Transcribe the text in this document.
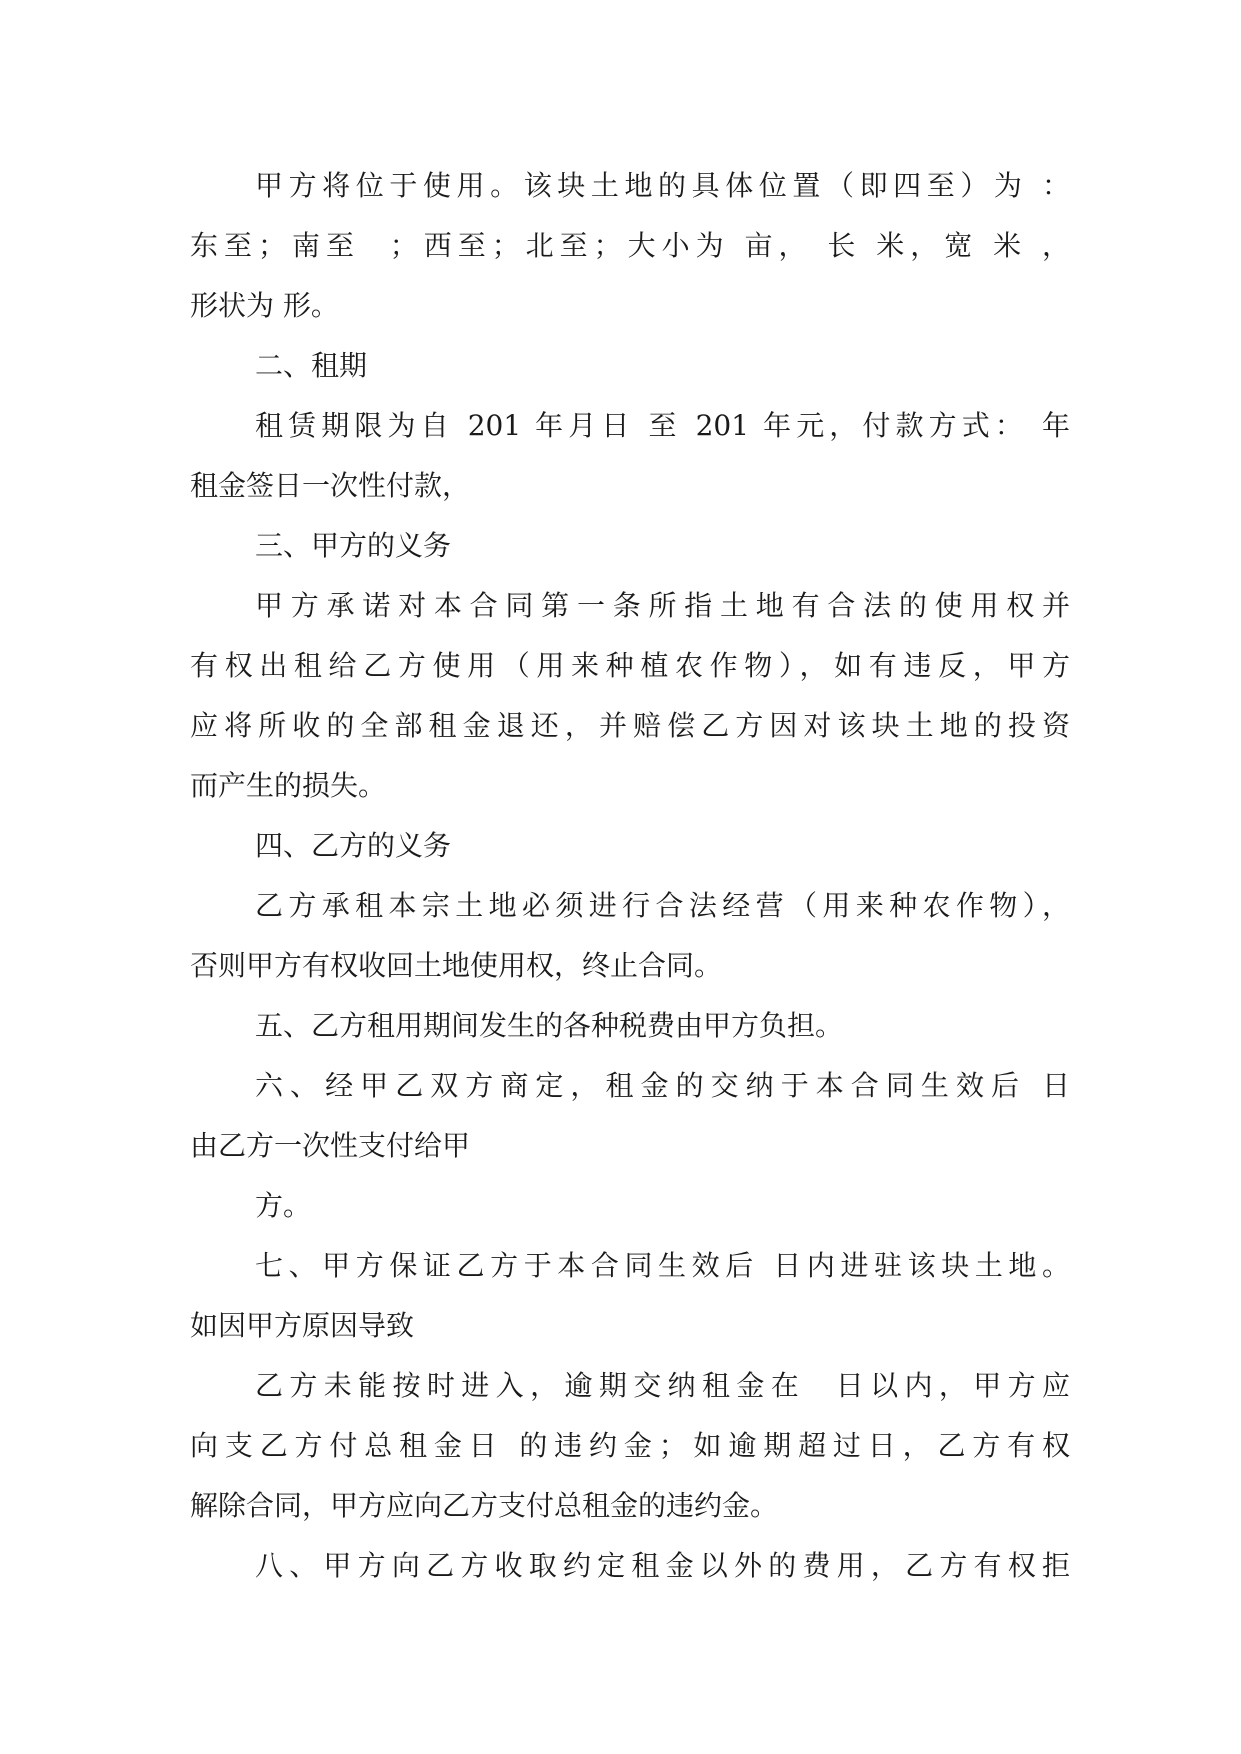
甲方将位于使用。该块土地的具体位置（即四至）为 ：
东至；南至  ；西至；北至；大小为 亩， 长 米，宽 米 ，
形状为 形。
二、租期
租赁期限为自 201 年月日 至 201 年元，付款方式： 年
租金签日一次性付款，
三、甲方的义务
甲方承诺对本合同第一条所指土地有合法的使用权并
有权出租给乙方使用（用来种植农作物），如有违反，甲方
应将所收的全部租金退还，并赔偿乙方因对该块土地的投资
而产生的损失。
四、乙方的义务
乙方承租本宗土地必须进行合法经营（用来种农作物），
否则甲方有权收回土地使用权，终止合同。
五、乙方租用期间发生的各种税费由甲方负担。
六、经甲乙双方商定，租金的交纳于本合同生效后 日
由乙方一次性支付给甲
方。
七、甲方保证乙方于本合同生效后 日内进驻该块土地。
如因甲方原因导致
乙方未能按时进入，逾期交纳租金在  日以内，甲方应
向支乙方付总租金日 的违约金；如逾期超过日，乙方有权
解除合同，甲方应向乙方支付总租金的违约金。
八、甲方向乙方收取约定租金以外的费用，乙方有权拒
